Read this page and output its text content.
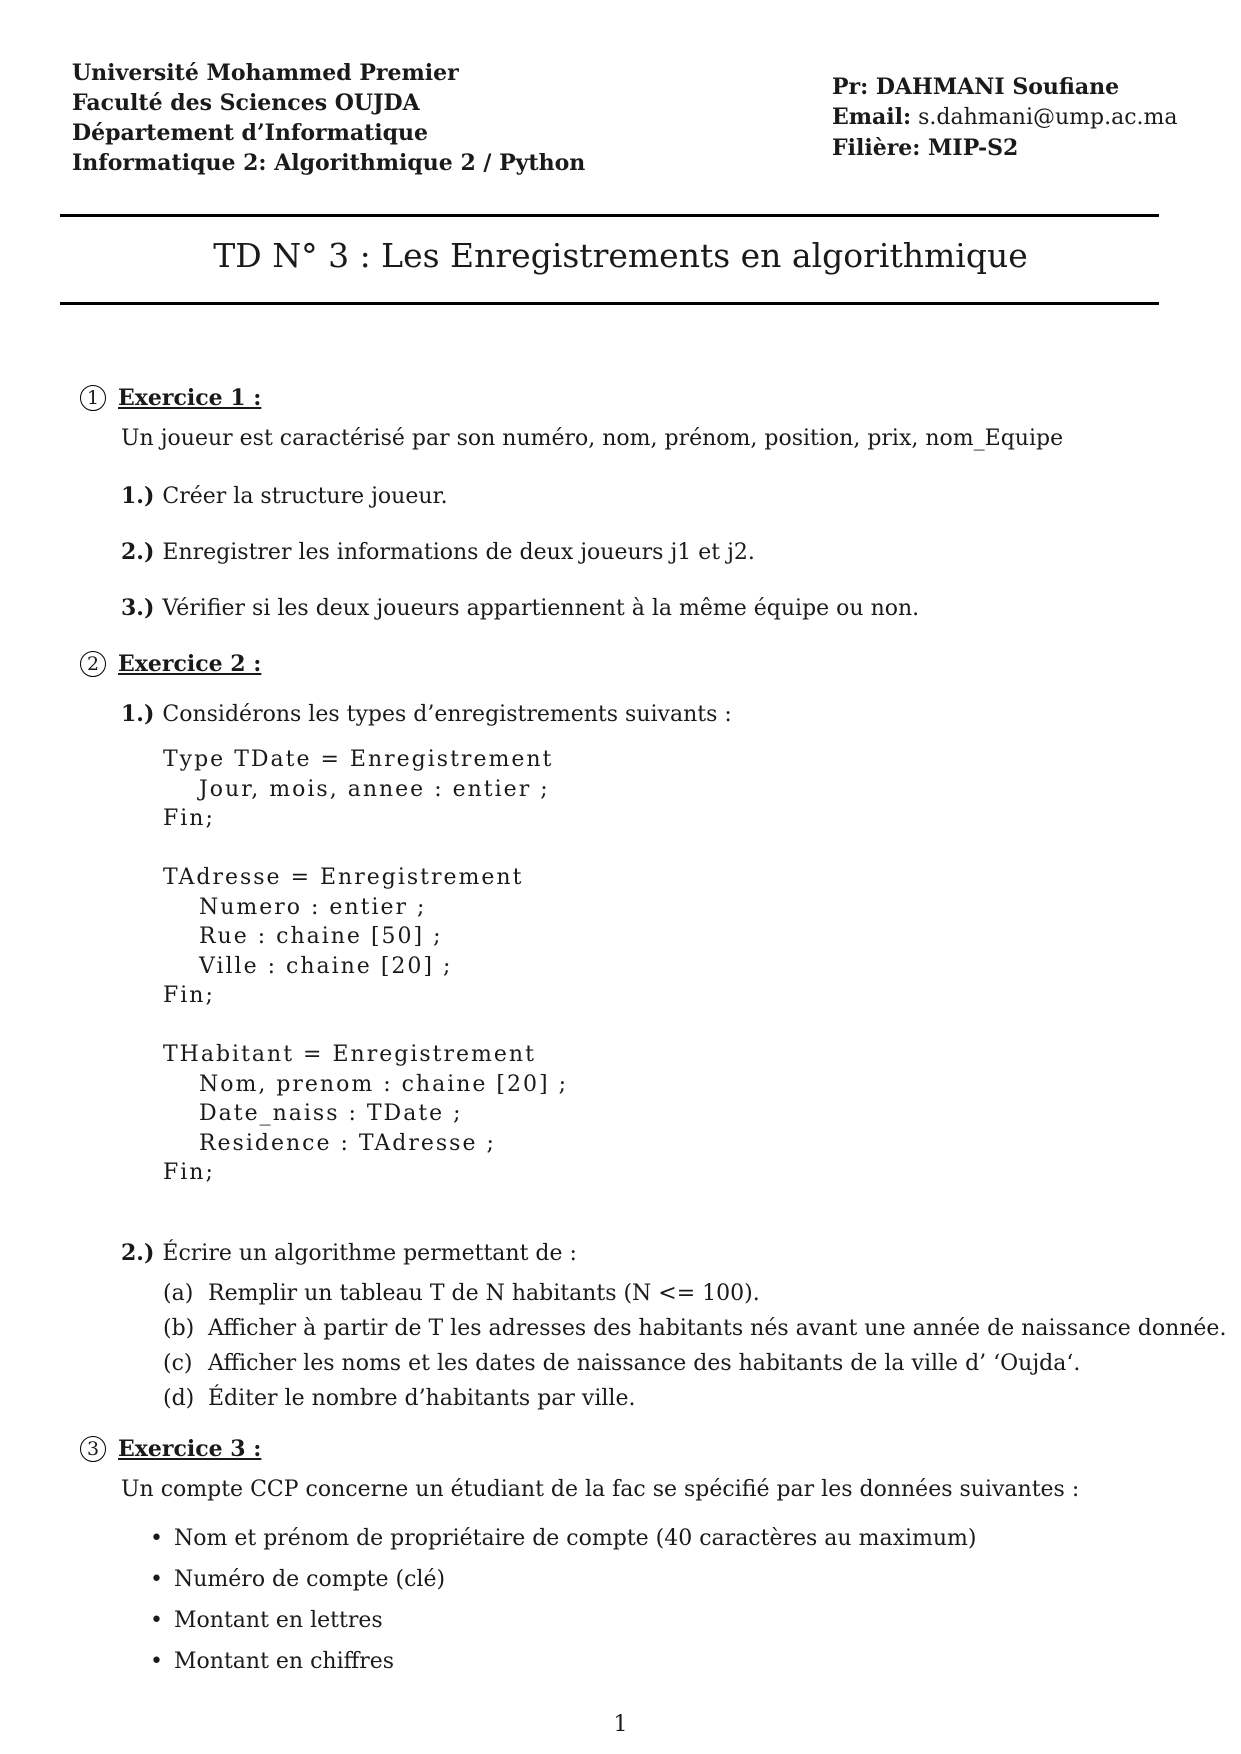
Université Mohammed Premier
Faculté des Sciences OUJDA
Département d’Informatique
Informatique 2: Algorithmique 2 / Python
Pr: DAHMANI Soufiane
Email: s.dahmani@ump.ac.ma
Filière: MIP-S2
TD N° 3 : Les Enregistrements en algorithmique
1 Exercice 1 :
Un joueur est caractérisé par son numéro, nom, prénom, position, prix, nom_Equipe
1.) Créer la structure joueur.
2.) Enregistrer les informations de deux joueurs j1 et j2.
3.) Vérifier si les deux joueurs appartiennent à la même équipe ou non.
2 Exercice 2 :
1.) Considérons les types d’enregistrements suivants :
Type TDate = Enregistrement
Jour, mois, annee : entier ;
Fin;

TAdresse = Enregistrement
Numero : entier ;
Rue : chaine [50] ;
Ville : chaine [20] ;
Fin;

THabitant = Enregistrement
Nom, prenom : chaine [20] ;
Date_naiss : TDate ;
Residence : TAdresse ;
Fin;
2.) Écrire un algorithme permettant de :
(a) Remplir un tableau T de N habitants (N <= 100).
(b) Afficher à partir de T les adresses des habitants nés avant une année de naissance donnée.
(c) Afficher les noms et les dates de naissance des habitants de la ville d’ ‘Oujda‘.
(d) Éditer le nombre d’habitants par ville.
3 Exercice 3 :
Un compte CCP concerne un étudiant de la fac se spécifié par les données suivantes :
• Nom et prénom de propriétaire de compte (40 caractères au maximum)
• Numéro de compte (clé)
• Montant en lettres
• Montant en chiffres
1
